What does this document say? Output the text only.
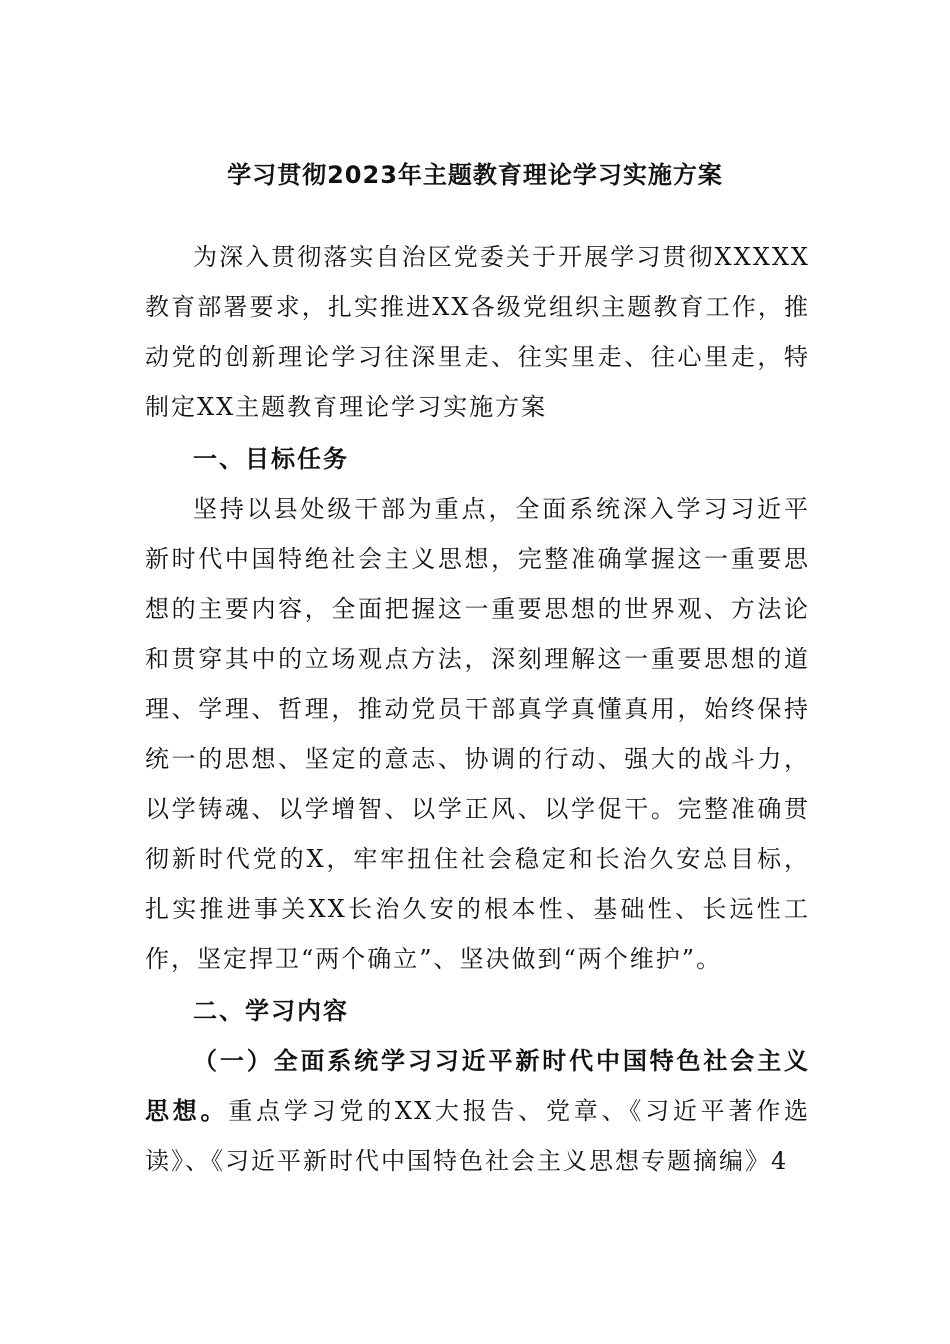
学习贯彻2023年主题教育理论学习实施方案

为深入贯彻落实自治区党委关于开展学习贯彻XXXXX教育部署要求，扎实推进XX各级党组织主题教育工作，推动党的创新理论学习往深里走、往实里走、往心里走，特制定XX主题教育理论学习实施方案

一、目标任务

坚持以县处级干部为重点，全面系统深入学习习近平新时代中国特绝社会主义思想，完整准确掌握这一重要思想的主要内容，全面把握这一重要思想的世界观、方法论和贯穿其中的立场观点方法，深刻理解这一重要思想的道理、学理、哲理，推动党员干部真学真懂真用，始终保持统一的思想、坚定的意志、协调的行动、强大的战斗力，以学铸魂、以学增智、以学正风、以学促干。完整准确贯彻新时代党的X，牢牢扭住社会稳定和长治久安总目标，扎实推进事关XX长治久安的根本性、基础性、长远性工作，坚定捍卫“两个确立”、坚决做到“两个维护”。

二、学习内容

（一）全面系统学习习近平新时代中国特色社会主义思想。重点学习党的XX大报告、党章、《习近平著作选读》、《习近平新时代中国特色社会主义思想专题摘编》4
